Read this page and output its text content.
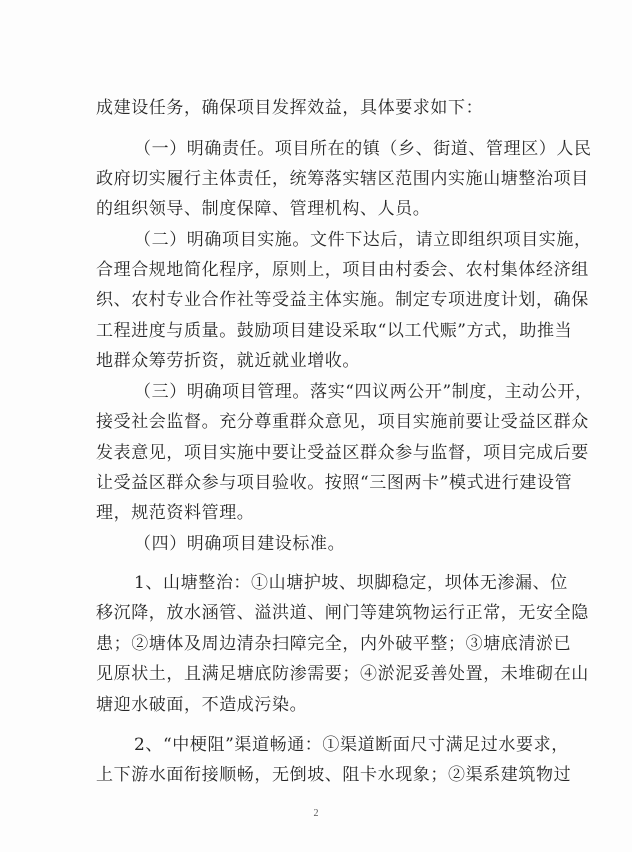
成建设任务，确保项目发挥效益，具体要求如下：
（一）明确责任。项目所在的镇（乡、街道、管理区）人民
政府切实履行主体责任，统筹落实辖区范围内实施山塘整治项目
的组织领导、制度保障、管理机构、人员。
（二）明确项目实施。文件下达后，请立即组织项目实施，
合理合规地简化程序，原则上，项目由村委会、农村集体经济组
织、农村专业合作社等受益主体实施。制定专项进度计划，确保
工程进度与质量。鼓励项目建设采取“以工代赈”方式，助推当
地群众筹劳折资，就近就业增收。
（三）明确项目管理。落实“四议两公开”制度，主动公开，
接受社会监督。充分尊重群众意见，项目实施前要让受益区群众
发表意见，项目实施中要让受益区群众参与监督，项目完成后要
让受益区群众参与项目验收。按照“三图两卡”模式进行建设管
理，规范资料管理。
（四）明确项目建设标准。
1、山塘整治：①山塘护坡、坝脚稳定，坝体无渗漏、位
移沉降，放水涵管、溢洪道、闸门等建筑物运行正常，无安全隐
患；②塘体及周边清杂扫障完全，内外破平整；③塘底清淤已
见原状土，且满足塘底防渗需要；④淤泥妥善处置，未堆砌在山
塘迎水破面，不造成污染。
2、“中梗阻”渠道畅通：①渠道断面尺寸满足过水要求，
上下游水面衔接顺畅，无倒坡、阻卡水现象；②渠系建筑物过
2
